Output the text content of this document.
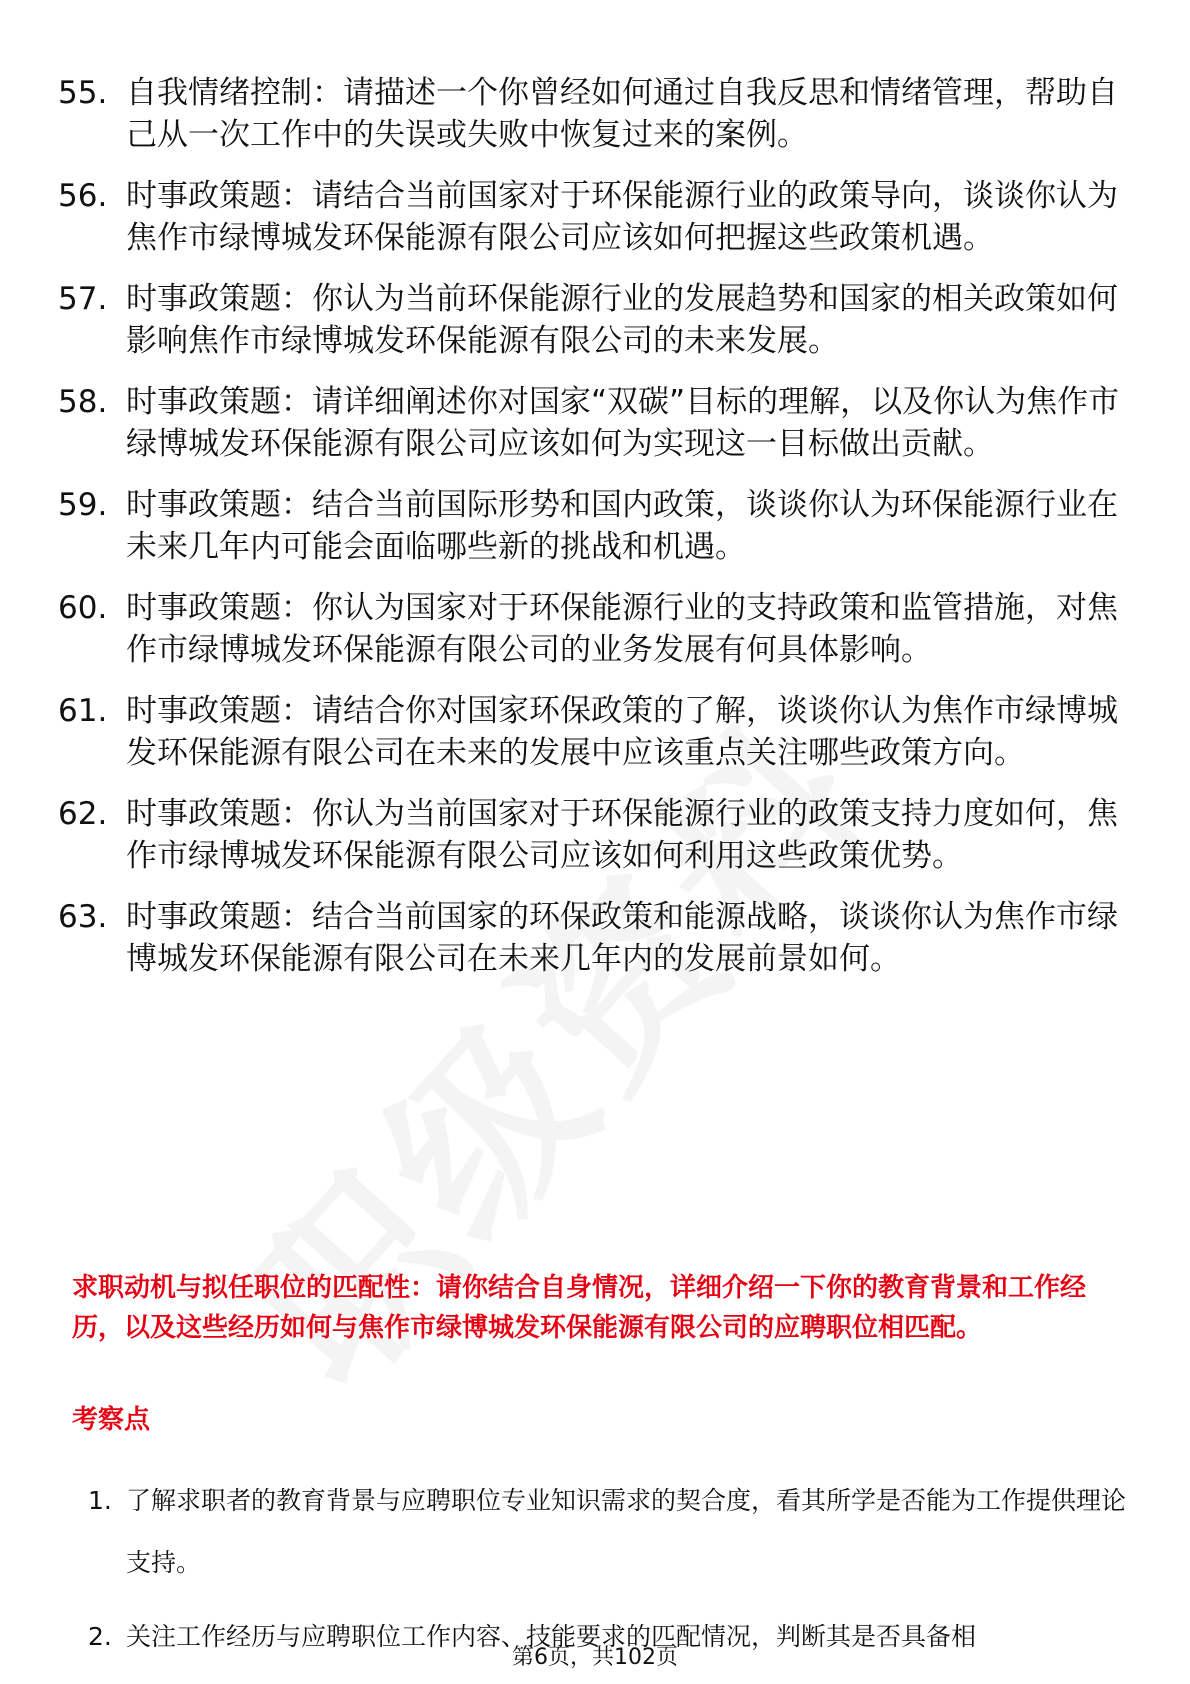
55. 自我情绪控制：请描述一个你曾经如何通过自我反思和情绪管理，帮助自己从一次工作中的失误或失败中恢复过来的案例。
56. 时事政策题：请结合当前国家对于环保能源行业的政策导向，谈谈你认为焦作市绿博城发环保能源有限公司应该如何把握这些政策机遇。
57. 时事政策题：你认为当前环保能源行业的发展趋势和国家的相关政策如何影响焦作市绿博城发环保能源有限公司的未来发展。
58. 时事政策题：请详细阐述你对国家“双碳”目标的理解，以及你认为焦作市绿博城发环保能源有限公司应该如何为实现这一目标做出贡献。
59. 时事政策题：结合当前国际形势和国内政策，谈谈你认为环保能源行业在未来几年内可能会面临哪些新的挑战和机遇。
60. 时事政策题：你认为国家对于环保能源行业的支持政策和监管措施，对焦作市绿博城发环保能源有限公司的业务发展有何具体影响。
61. 时事政策题：请结合你对国家环保政策的了解，谈谈你认为焦作市绿博城发环保能源有限公司在未来的发展中应该重点关注哪些政策方向。
62. 时事政策题：你认为当前国家对于环保能源行业的政策支持力度如何，焦作市绿博城发环保能源有限公司应该如何利用这些政策优势。
63. 时事政策题：结合当前国家的环保政策和能源战略，谈谈你认为焦作市绿博城发环保能源有限公司在未来几年内的发展前景如何。
求职动机与拟任职位的匹配性：请你结合自身情况，详细介绍一下你的教育背景和工作经历，以及这些经历如何与焦作市绿博城发环保能源有限公司的应聘职位相匹配。
考察点
1. 了解求职者的教育背景与应聘职位专业知识需求的契合度，看其所学是否能为工作提供理论支持。
2. 关注工作经历与应聘职位工作内容、技能要求的匹配情况，判断其是否具备相
第6页，共102页
